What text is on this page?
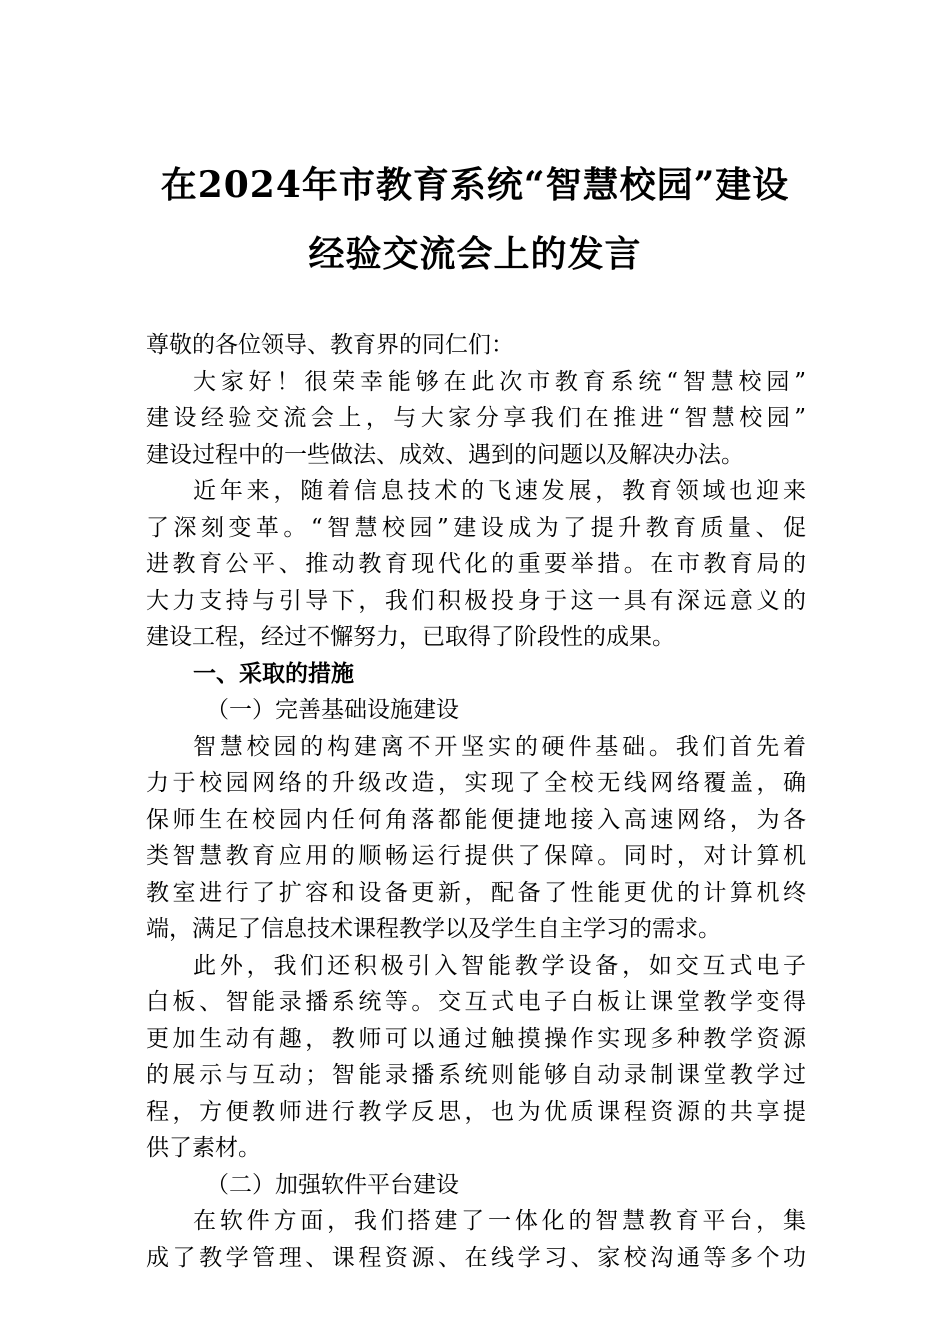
在2024年市教育系统“智慧校园”建设
经验交流会上的发言
尊敬的各位领导、教育界的同仁们：
大家好！很荣幸能够在此次市教育系统“智慧校园”
建设经验交流会上，与大家分享我们在推进“智慧校园”
建设过程中的一些做法、成效、遇到的问题以及解决办法。
近年来，随着信息技术的飞速发展，教育领域也迎来
了深刻变革。“智慧校园”建设成为了提升教育质量、促
进教育公平、推动教育现代化的重要举措。在市教育局的
大力支持与引导下，我们积极投身于这一具有深远意义的
建设工程，经过不懈努力，已取得了阶段性的成果。
一、采取的措施
（一）完善基础设施建设
智慧校园的构建离不开坚实的硬件基础。我们首先着
力于校园网络的升级改造，实现了全校无线网络覆盖，确
保师生在校园内任何角落都能便捷地接入高速网络，为各
类智慧教育应用的顺畅运行提供了保障。同时，对计算机
教室进行了扩容和设备更新，配备了性能更优的计算机终
端，满足了信息技术课程教学以及学生自主学习的需求。
此外，我们还积极引入智能教学设备，如交互式电子
白板、智能录播系统等。交互式电子白板让课堂教学变得
更加生动有趣，教师可以通过触摸操作实现多种教学资源
的展示与互动；智能录播系统则能够自动录制课堂教学过
程，方便教师进行教学反思，也为优质课程资源的共享提
供了素材。
（二）加强软件平台建设
在软件方面，我们搭建了一体化的智慧教育平台，集
成了教学管理、课程资源、在线学习、家校沟通等多个功
